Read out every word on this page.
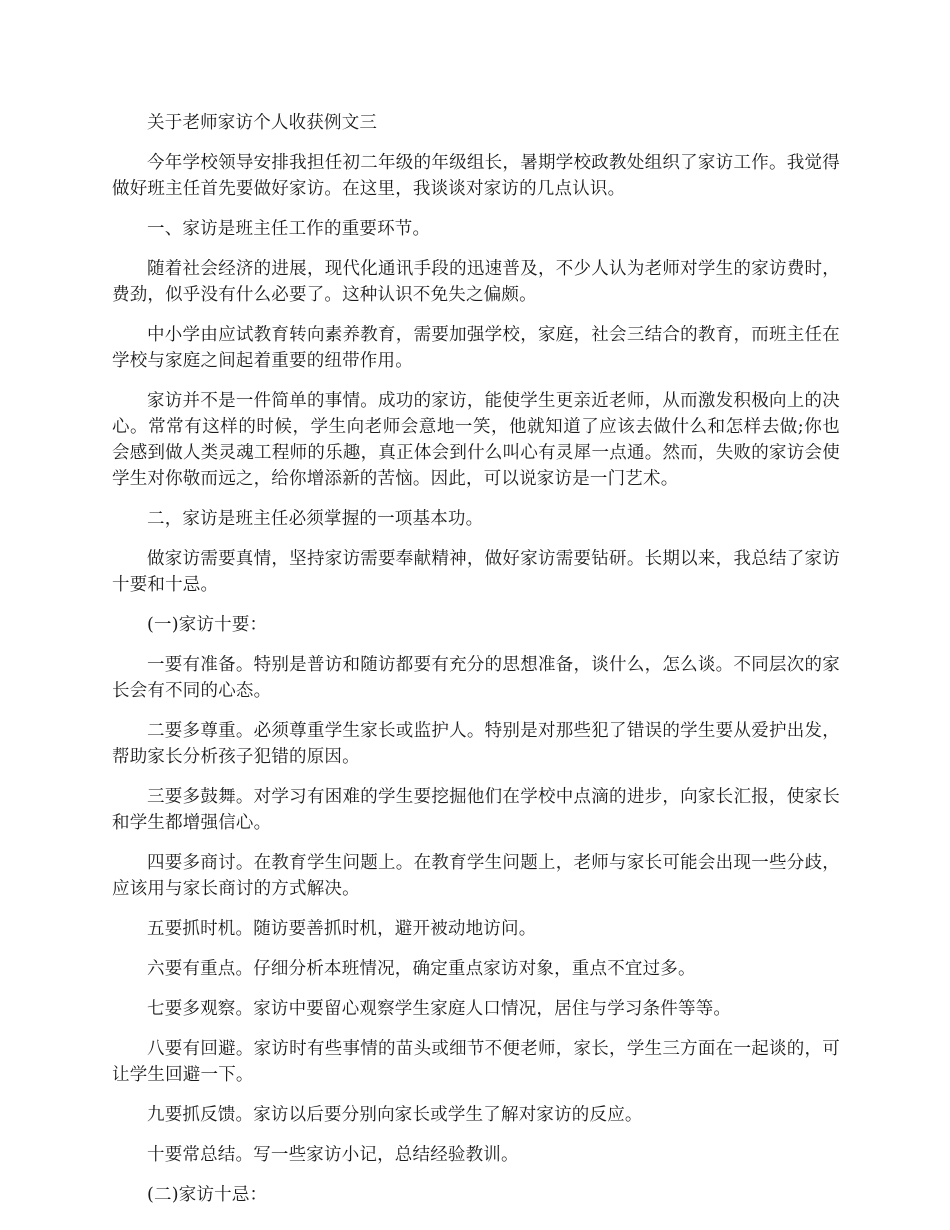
关于老师家访个人收获例文三

今年学校领导安排我担任初二年级的年级组长，暑期学校政教处组织了家访工作。我觉得做好班主任首先要做好家访。在这里，我谈谈对家访的几点认识。

一、家访是班主任工作的重要环节。

随着社会经济的进展，现代化通讯手段的迅速普及，不少人认为老师对学生的家访费时，费劲，似乎没有什么必要了。这种认识不免失之偏颇。

中小学由应试教育转向素养教育，需要加强学校，家庭，社会三结合的教育，而班主任在学校与家庭之间起着重要的纽带作用。

家访并不是一件简单的事情。成功的家访，能使学生更亲近老师，从而激发积极向上的决心。常常有这样的时候，学生向老师会意地一笑，他就知道了应该去做什么和怎样去做;你也会感到做人类灵魂工程师的乐趣，真正体会到什么叫心有灵犀一点通。然而，失败的家访会使学生对你敬而远之，给你增添新的苦恼。因此，可以说家访是一门艺术。

二，家访是班主任必须掌握的一项基本功。

做家访需要真情，坚持家访需要奉献精神，做好家访需要钻研。长期以来，我总结了家访十要和十忌。

(一)家访十要：

一要有准备。特别是普访和随访都要有充分的思想准备，谈什么，怎么谈。不同层次的家长会有不同的心态。

二要多尊重。必须尊重学生家长或监护人。特别是对那些犯了错误的学生要从爱护出发，帮助家长分析孩子犯错的原因。

三要多鼓舞。对学习有困难的学生要挖掘他们在学校中点滴的进步，向家长汇报，使家长和学生都增强信心。

四要多商讨。在教育学生问题上。在教育学生问题上，老师与家长可能会出现一些分歧，应该用与家长商讨的方式解决。

五要抓时机。随访要善抓时机，避开被动地访问。

六要有重点。仔细分析本班情况，确定重点家访对象，重点不宜过多。

七要多观察。家访中要留心观察学生家庭人口情况，居住与学习条件等等。

八要有回避。家访时有些事情的苗头或细节不便老师，家长，学生三方面在一起谈的，可让学生回避一下。

九要抓反馈。家访以后要分别向家长或学生了解对家访的反应。

十要常总结。写一些家访小记，总结经验教训。

(二)家访十忌：
